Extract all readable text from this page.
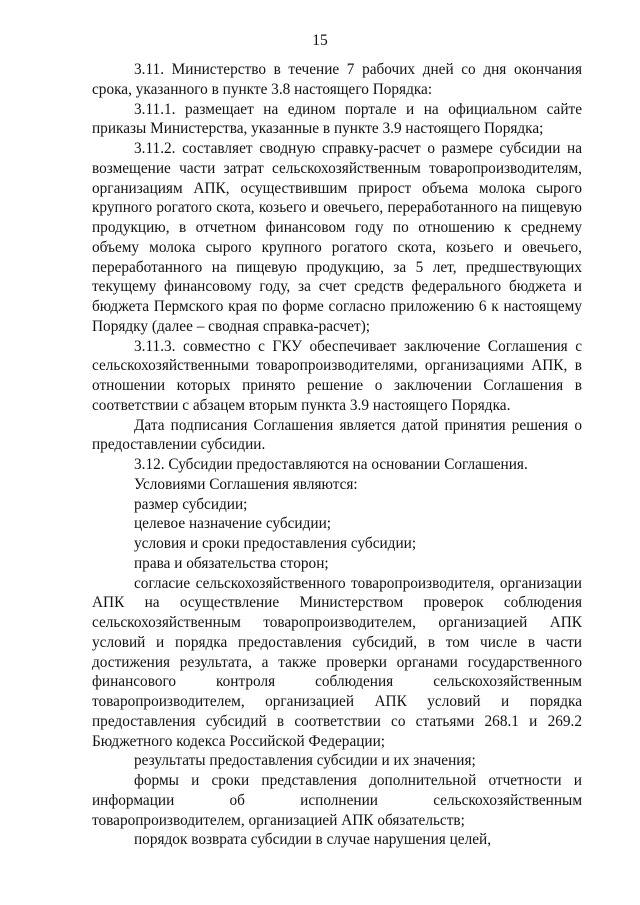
15

3.11. Министерство в течение 7 рабочих дней со дня окончания срока, указанного в пункте 3.8 настоящего Порядка:

3.11.1. размещает на едином портале и на официальном сайте приказы Министерства, указанные в пункте 3.9 настоящего Порядка;

3.11.2. составляет сводную справку-расчет о размере субсидии на возмещение части затрат сельскохозяйственным товаропроизводителям, организациям АПК, осуществившим прирост объема молока сырого крупного рогатого скота, козьего и овечьего, переработанного на пищевую продукцию, в отчетном финансовом году по отношению к среднему объему молока сырого крупного рогатого скота, козьего и овечьего, переработанного на пищевую продукцию, за 5 лет, предшествующих текущему финансовому году, за счет средств федерального бюджета и бюджета Пермского края по форме согласно приложению 6 к настоящему Порядку (далее – сводная справка-расчет);

3.11.3. совместно с ГКУ обеспечивает заключение Соглашения с сельскохозяйственными товаропроизводителями, организациями АПК, в отношении которых принято решение о заключении Соглашения в соответствии с абзацем вторым пункта 3.9 настоящего Порядка.

Дата подписания Соглашения является датой принятия решения о предоставлении субсидии.

3.12. Субсидии предоставляются на основании Соглашения.

Условиями Соглашения являются:

размер субсидии;

целевое назначение субсидии;

условия и сроки предоставления субсидии;

права и обязательства сторон;

согласие сельскохозяйственного товаропроизводителя, организации АПК на осуществление Министерством проверок соблюдения сельскохозяйственным товаропроизводителем, организацией АПК условий и порядка предоставления субсидий, в том числе в части достижения результата, а также проверки органами государственного финансового контроля соблюдения сельскохозяйственным товаропроизводителем, организацией АПК условий и порядка предоставления субсидий в соответствии со статьями 268.1 и 269.2 Бюджетного кодекса Российской Федерации;

результаты предоставления субсидии и их значения;

формы и сроки представления дополнительной отчетности и информации об исполнении сельскохозяйственным товаропроизводителем, организацией АПК обязательств;

порядок возврата субсидии в случае нарушения целей,
